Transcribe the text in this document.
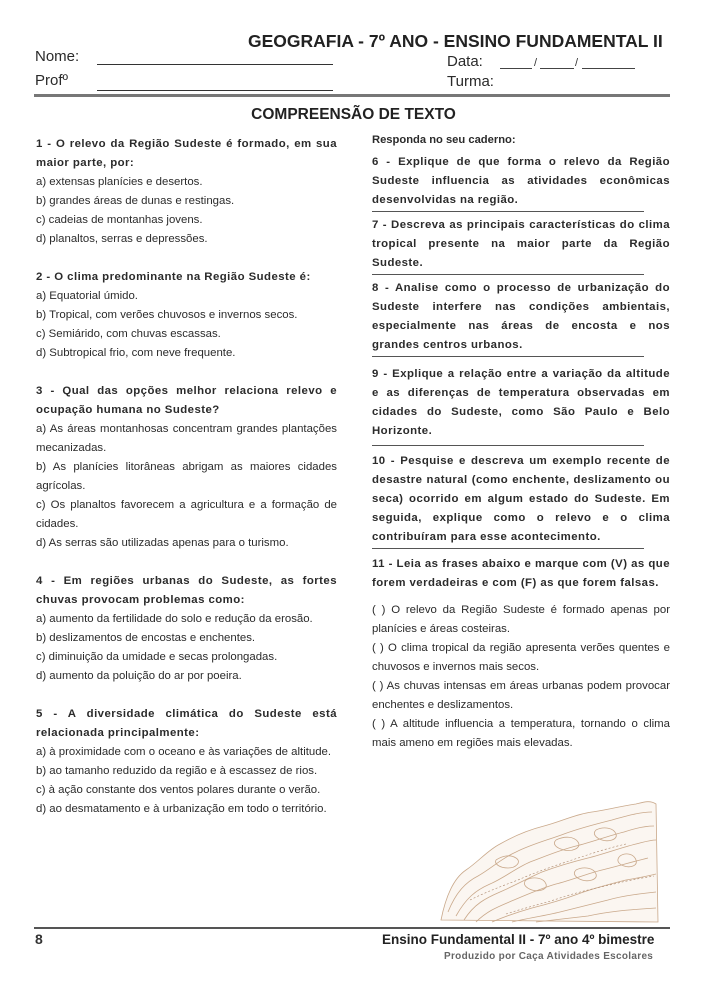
GEOGRAFIA - 7º ANO - ENSINO FUNDAMENTAL II
Nome:
Profº
Data:	/	/
Turma:
COMPREENSÃO DE TEXTO

1 - O relevo da Região Sudeste é formado, em sua maior parte, por:

a) extensas planícies e desertos.

b) grandes áreas de dunas e restingas.

c) cadeias de montanhas jovens.

d) planaltos, serras e depressões.

2 - O clima predominante na Região Sudeste é:

a) Equatorial úmido.

b) Tropical, com verões chuvosos e invernos secos.

c) Semiárido, com chuvas escassas.

d) Subtropical frio, com neve frequente.

3 - Qual das opções melhor relaciona relevo e ocupação humana no Sudeste?

a) As áreas montanhosas concentram grandes plantações mecanizadas.

b) As planícies litorâneas abrigam as maiores cidades agrícolas.

c) Os planaltos favorecem a agricultura e a formação de cidades.

d) As serras são utilizadas apenas para o turismo.

4 - Em regiões urbanas do Sudeste, as fortes chuvas provocam problemas como:

a) aumento da fertilidade do solo e redução da erosão.

b) deslizamentos de encostas e enchentes.

c) diminuição da umidade e secas prolongadas.

d) aumento da poluição do ar por poeira.

5 - A diversidade climática do Sudeste está relacionada principalmente:

a) à proximidade com o oceano e às variações de altitude.

b) ao tamanho reduzido da região e à escassez de rios.

c) à ação constante dos ventos polares durante o verão.

d) ao desmatamento e à urbanização em todo o território.

Responda no seu caderno:

6 - Explique de que forma o relevo da Região Sudeste influencia as atividades econômicas desenvolvidas na região.

7 - Descreva as principais características do clima tropical presente na maior parte da Região Sudeste.

8 - Analise como o processo de urbanização do Sudeste interfere nas condições ambientais, especialmente nas áreas de encosta e nos grandes centros urbanos.

9 - Explique a relação entre a variação da altitude e as diferenças de temperatura observadas em cidades do Sudeste, como São Paulo e Belo Horizonte.

10 - Pesquise e descreva um exemplo recente de desastre natural (como enchente, deslizamento ou seca) ocorrido em algum estado do Sudeste. Em seguida, explique como o relevo e o clima contribuíram para esse acontecimento.

11 - Leia as frases abaixo e marque com (V) as que forem verdadeiras e com (F) as que forem falsas.

( ) O relevo da Região Sudeste é formado apenas por planícies e áreas costeiras.

( ) O clima tropical da região apresenta verões quentes e chuvosos e invernos mais secos.

( ) As chuvas intensas em áreas urbanas podem provocar enchentes e deslizamentos.

( ) A altitude influencia a temperatura, tornando o clima mais ameno em regiões mais elevadas.

8	Ensino Fundamental II - 7º ano 4º bimestre
Produzido por Caça Atividades Escolares
